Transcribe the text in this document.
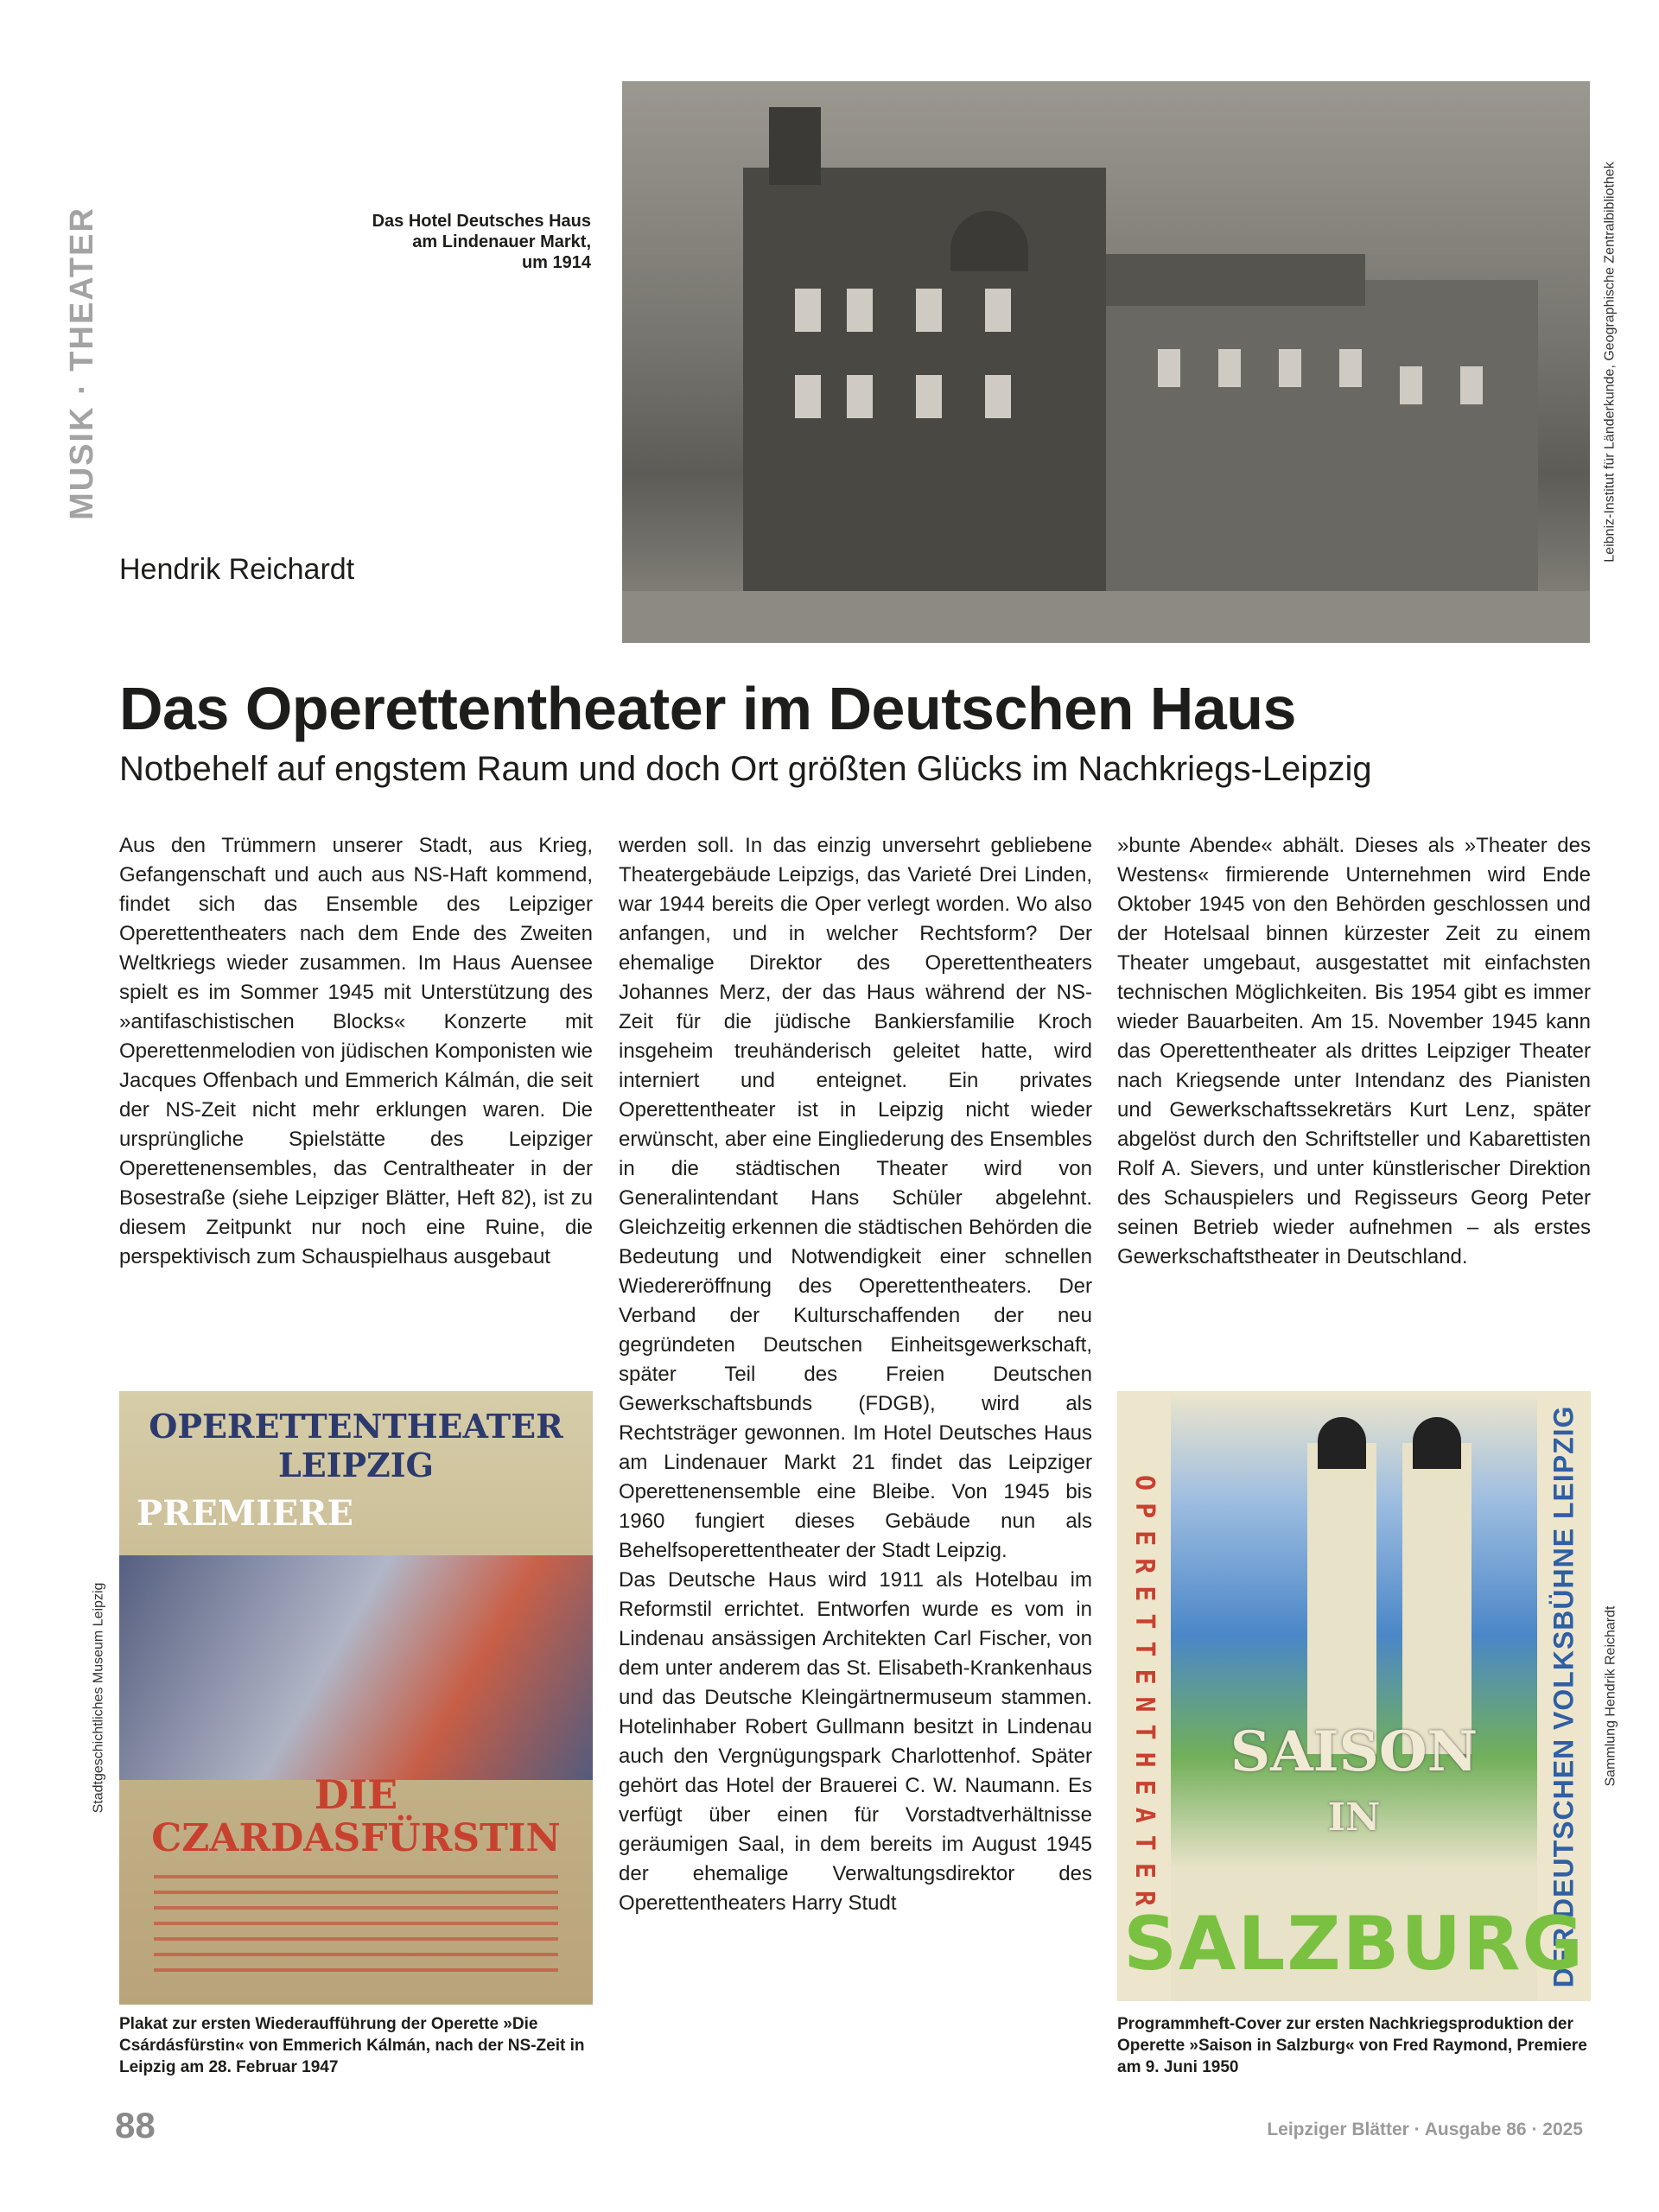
MUSIK · THEATER	Das Hotel Deutsches Haus
am Lindenauer Markt,
um 1914	Leibniz-Institut für Länderkunde, Geographische Zentralbibliothek
Hendrik Reichardt
Das Operettentheater im Deutschen Haus
Notbehelf auf engstem Raum und doch Ort größten Glücks im Nachkriegs-Leipzig

Aus den Trümmern unserer Stadt, aus Krieg, Gefangenschaft und auch aus NS-Haft kommend, findet sich das Ensemble des Leipziger Operettentheaters nach dem Ende des Zweiten Weltkriegs wieder zusammen. Im Haus Auensee spielt es im Sommer 1945 mit Unterstützung des »antifaschistischen Blocks« Konzerte mit Operettenmelodien von jüdischen Komponisten wie Jacques Offenbach und Emmerich Kálmán, die seit der NS-Zeit nicht mehr erklungen waren. Die ursprüngliche Spielstätte des Leipziger Operettenensembles, das Centraltheater in der Bosestraße (siehe Leipziger Blätter, Heft 82), ist zu diesem Zeitpunkt nur noch eine Ruine, die perspektivisch zum Schauspielhaus ausgebaut

werden soll. In das einzig unversehrt gebliebene Theatergebäude Leipzigs, das Varieté Drei Linden, war 1944 bereits die Oper verlegt worden. Wo also anfangen, und in welcher Rechtsform? Der ehemalige Direktor des Operettentheaters Johannes Merz, der das Haus während der NS-Zeit für die jüdische Bankiersfamilie Kroch insgeheim treuhänderisch geleitet hatte, wird interniert und enteignet. Ein privates Operettentheater ist in Leipzig nicht wieder erwünscht, aber eine Eingliederung des Ensembles in die städtischen Theater wird von Generalintendant Hans Schüler abgelehnt. Gleichzeitig erkennen die städtischen Behörden die Bedeutung und Notwendigkeit einer schnellen Wiedereröffnung des Operettentheaters. Der Verband der Kulturschaffenden der neu gegründeten Deutschen Einheitsgewerkschaft, später Teil des Freien Deutschen Gewerkschaftsbunds (FDGB), wird als Rechtsträger gewonnen. Im Hotel Deutsches Haus am Lindenauer Markt 21 findet das Leipziger Operettenensemble eine Bleibe. Von 1945 bis 1960 fungiert dieses Gebäude nun als Behelfsoperettentheater der Stadt Leipzig.

Das Deutsche Haus wird 1911 als Hotelbau im Reformstil errichtet. Entworfen wurde es vom in Lindenau ansässigen Architekten Carl Fischer, von dem unter anderem das St. Elisabeth-Krankenhaus und das Deutsche Kleingärtnermuseum stammen. Hotelinhaber Robert Gullmann besitzt in Lindenau auch den Vergnügungspark Charlottenhof. Später gehört das Hotel der Brauerei C. W. Naumann. Es verfügt über einen für Vorstadtverhältnisse geräumigen Saal, in dem bereits im August 1945 der ehemalige Verwaltungsdirektor des Operettentheaters Harry Studt

»bunte Abende« abhält. Dieses als »Theater des Westens« firmierende Unternehmen wird Ende Oktober 1945 von den Behörden geschlossen und der Hotelsaal binnen kürzester Zeit zu einem Theater umgebaut, ausgestattet mit einfachsten technischen Möglichkeiten. Bis 1954 gibt es immer wieder Bauarbeiten. Am 15. November 1945 kann das Operettentheater als drittes Leipziger Theater nach Kriegsende unter Intendanz des Pianisten und Gewerkschaftssekretärs Kurt Lenz, später abgelöst durch den Schriftsteller und Kabarettisten Rolf A. Sievers, und unter künstlerischer Direktion des Schauspielers und Regisseurs Georg Peter seinen Betrieb wieder aufnehmen – als erstes Gewerkschaftstheater in Deutschland.

Stadtgeschichtliches Museum Leipzig
OPERETTENTHEATER LEIPZIG
PREMIERE
DIE
CZARDASFÜRSTIN
Plakat zur ersten Wiederaufführung der Operette »Die Csárdásfürstin« von Emmerich Kálmán, nach der NS-Zeit in Leipzig am 28. Februar 1947
OPERETTENTHEATER	DER DEUTSCHEN VOLKSBÜHNE LEIPZIG
SAISON
IN
SALZBURG
Sammlung Hendrik Reichardt
Programmheft-Cover zur ersten Nachkriegsproduktion der Operette »Saison in Salzburg« von Fred Raymond, Premiere am 9. Juni 1950
88	Leipziger Blätter · Ausgabe 86 · 2025
